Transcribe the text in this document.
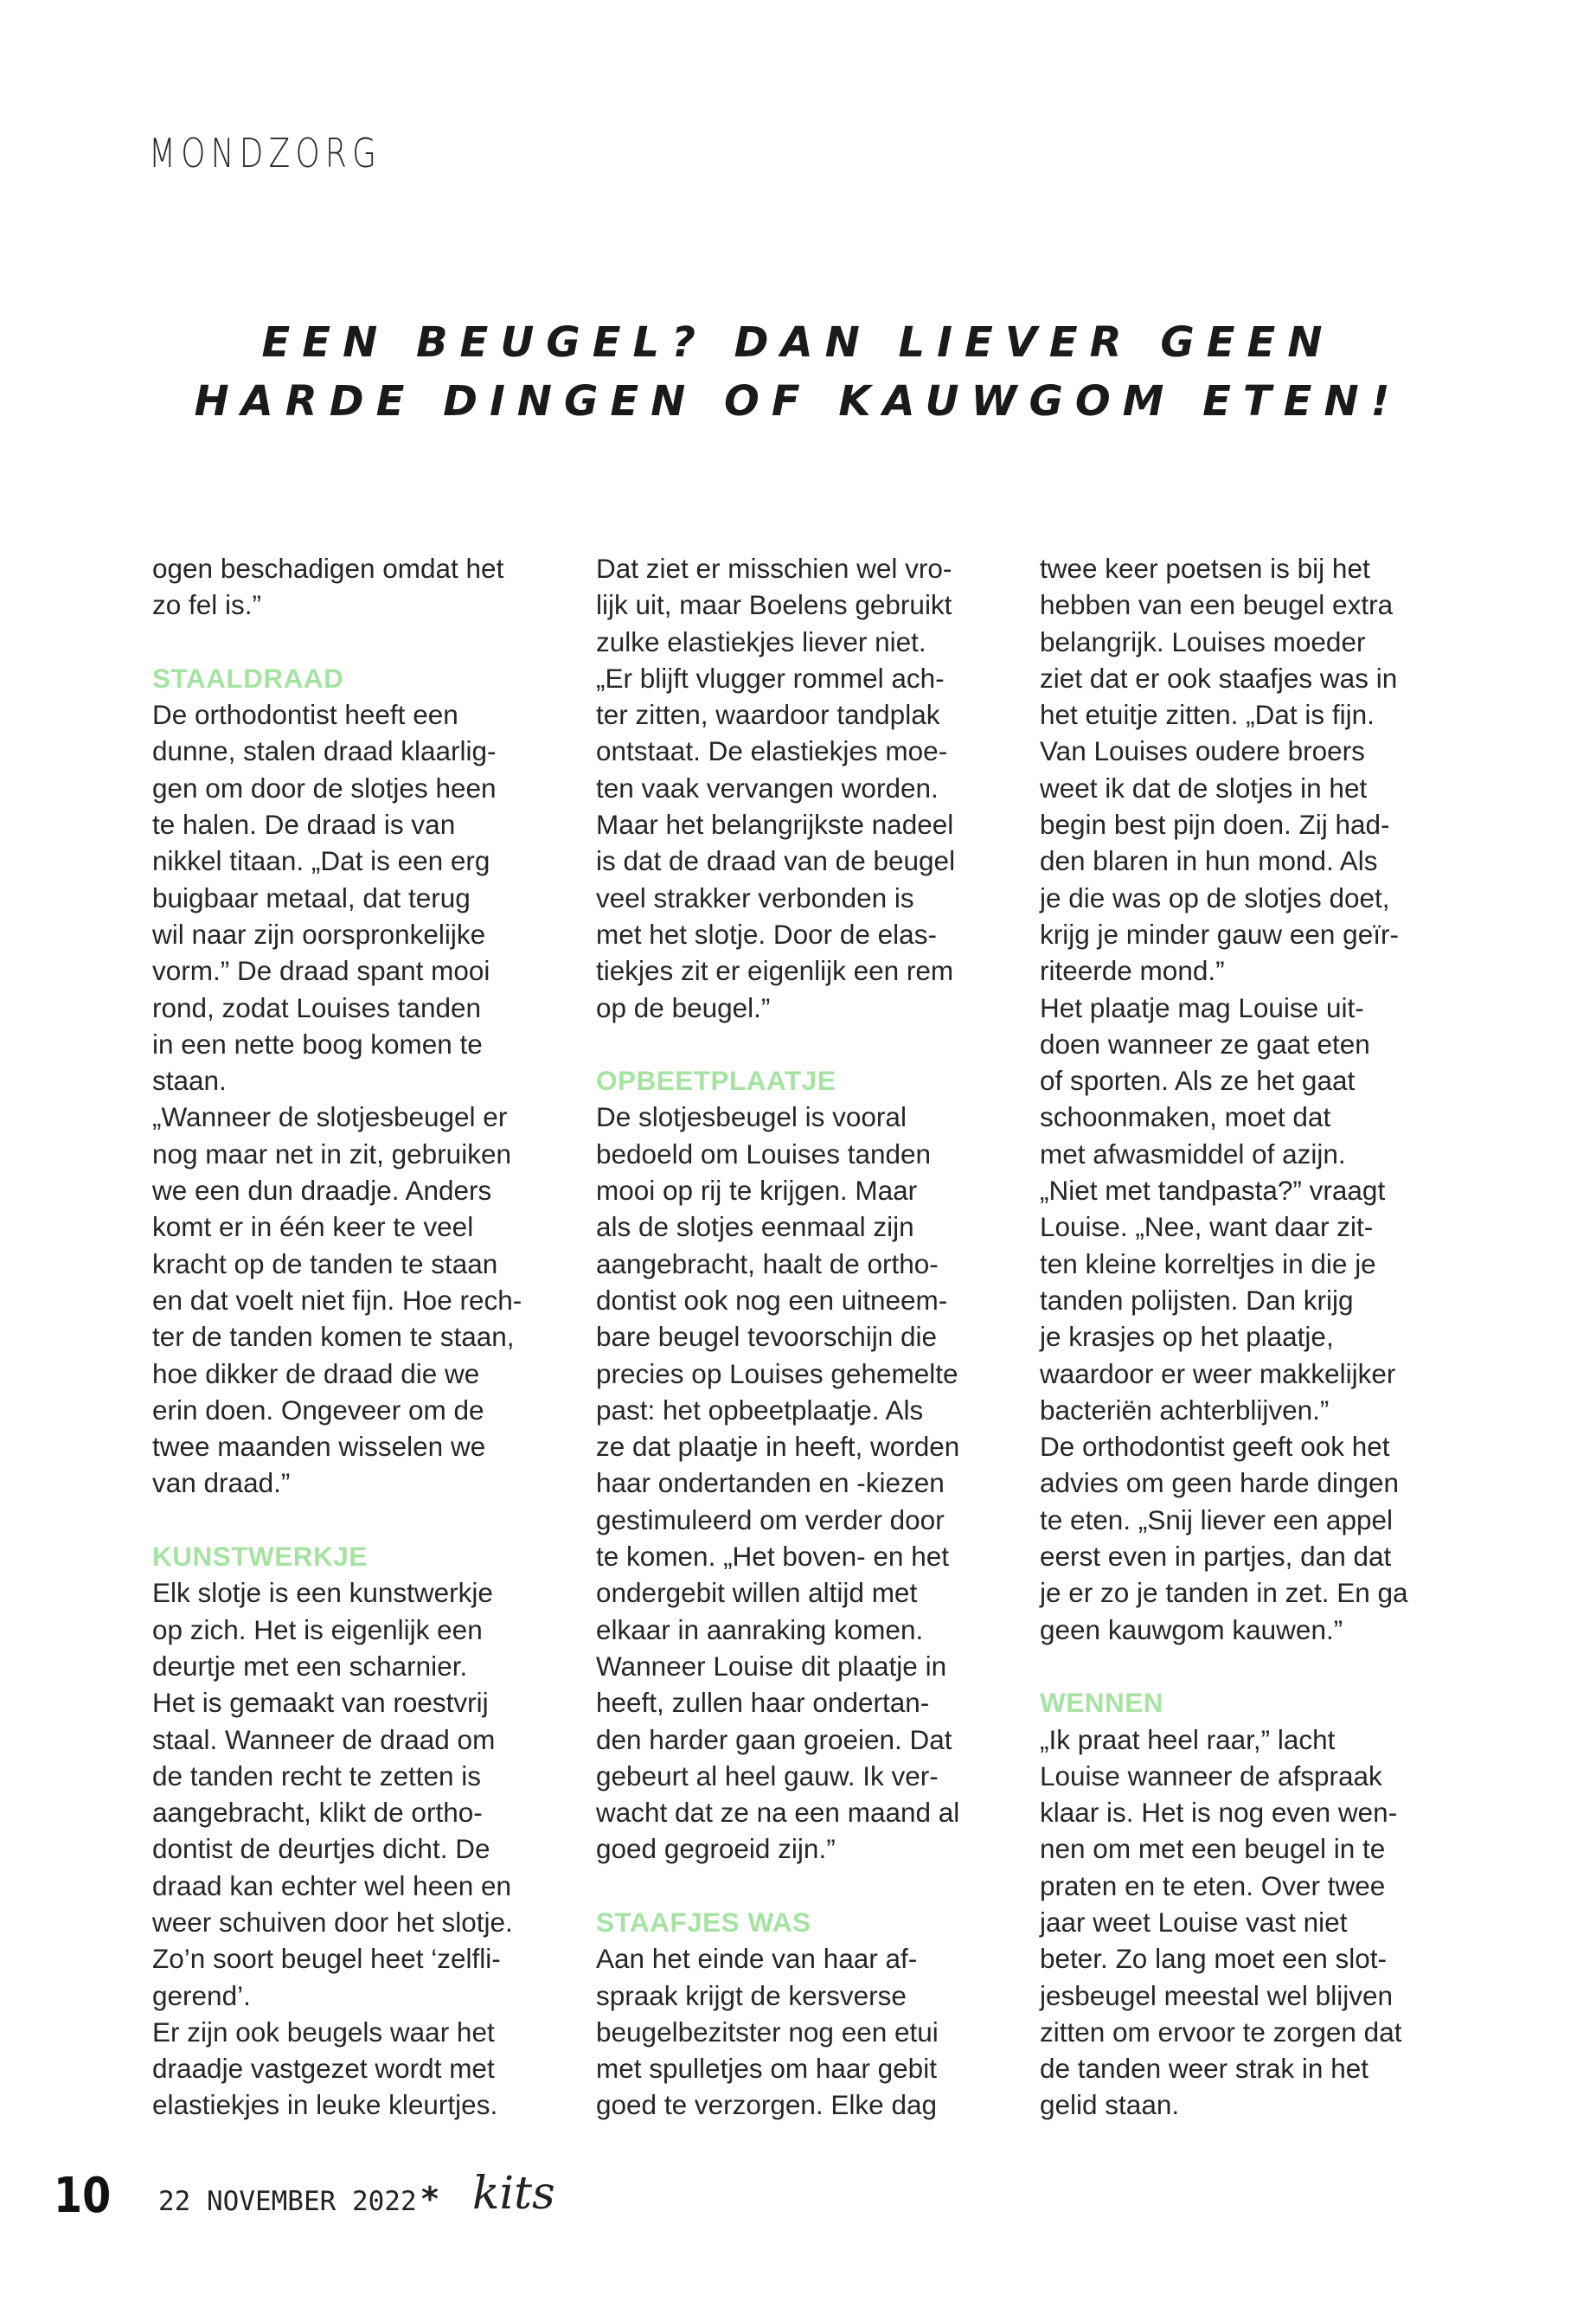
MONDZORG
EEN BEUGEL? DAN LIEVER GEEN
HARDE DINGEN OF KAUWGOM ETEN!
ogen beschadigen omdat het
zo fel is.”
STAALDRAAD
De orthodontist heeft een
dunne, stalen draad klaarlig-
gen om door de slotjes heen
te halen. De draad is van
nikkel titaan. „Dat is een erg
buigbaar metaal, dat terug
wil naar zijn oorspronkelijke
vorm.” De draad spant mooi
rond, zodat Louises tanden
in een nette boog komen te
staan.
„Wanneer de slotjesbeugel er
nog maar net in zit, gebruiken
we een dun draadje. Anders
komt er in één keer te veel
kracht op de tanden te staan
en dat voelt niet fijn. Hoe rech-
ter de tanden komen te staan,
hoe dikker de draad die we
erin doen. Ongeveer om de
twee maanden wisselen we
van draad.”
KUNSTWERKJE
Elk slotje is een kunstwerkje
op zich. Het is eigenlijk een
deurtje met een scharnier.
Het is gemaakt van roestvrij
staal. Wanneer de draad om
de tanden recht te zetten is
aangebracht, klikt de ortho-
dontist de deurtjes dicht. De
draad kan echter wel heen en
weer schuiven door het slotje.
Zo’n soort beugel heet ‘zelfli-
gerend’.
Er zijn ook beugels waar het
draadje vastgezet wordt met
elastiekjes in leuke kleurtjes.
Dat ziet er misschien wel vro-
lijk uit, maar Boelens gebruikt
zulke elastiekjes liever niet.
„Er blijft vlugger rommel ach-
ter zitten, waardoor tandplak
ontstaat. De elastiekjes moe-
ten vaak vervangen worden.
Maar het belangrijkste nadeel
is dat de draad van de beugel
veel strakker verbonden is
met het slotje. Door de elas-
tiekjes zit er eigenlijk een rem
op de beugel.”
OPBEETPLAATJE
De slotjesbeugel is vooral
bedoeld om Louises tanden
mooi op rij te krijgen. Maar
als de slotjes eenmaal zijn
aangebracht, haalt de ortho-
dontist ook nog een uitneem-
bare beugel tevoorschijn die
precies op Louises gehemelte
past: het opbeetplaatje. Als
ze dat plaatje in heeft, worden
haar ondertanden en -kiezen
gestimuleerd om verder door
te komen. „Het boven- en het
ondergebit willen altijd met
elkaar in aanraking komen.
Wanneer Louise dit plaatje in
heeft, zullen haar ondertan-
den harder gaan groeien. Dat
gebeurt al heel gauw. Ik ver-
wacht dat ze na een maand al
goed gegroeid zijn.”
STAAFJES WAS
Aan het einde van haar af-
spraak krijgt de kersverse
beugelbezitster nog een etui
met spulletjes om haar gebit
goed te verzorgen. Elke dag
twee keer poetsen is bij het
hebben van een beugel extra
belangrijk. Louises moeder
ziet dat er ook staafjes was in
het etuitje zitten. „Dat is fijn.
Van Louises oudere broers
weet ik dat de slotjes in het
begin best pijn doen. Zij had-
den blaren in hun mond. Als
je die was op de slotjes doet,
krijg je minder gauw een geïr-
riteerde mond.”
Het plaatje mag Louise uit-
doen wanneer ze gaat eten
of sporten. Als ze het gaat
schoonmaken, moet dat
met afwasmiddel of azijn.
„Niet met tandpasta?” vraagt
Louise. „Nee, want daar zit-
ten kleine korreltjes in die je
tanden polijsten. Dan krijg
je krasjes op het plaatje,
waardoor er weer makkelijker
bacteriën achterblijven.”
De orthodontist geeft ook het
advies om geen harde dingen
te eten. „Snij liever een appel
eerst even in partjes, dan dat
je er zo je tanden in zet. En ga
geen kauwgom kauwen.”
WENNEN
„Ik praat heel raar,” lacht
Louise wanneer de afspraak
klaar is. Het is nog even wen-
nen om met een beugel in te
praten en te eten. Over twee
jaar weet Louise vast niet
beter. Zo lang moet een slot-
jesbeugel meestal wel blijven
zitten om ervoor te zorgen dat
de tanden weer strak in het
gelid staan.
10 22 NOVEMBER 2022 * kits
